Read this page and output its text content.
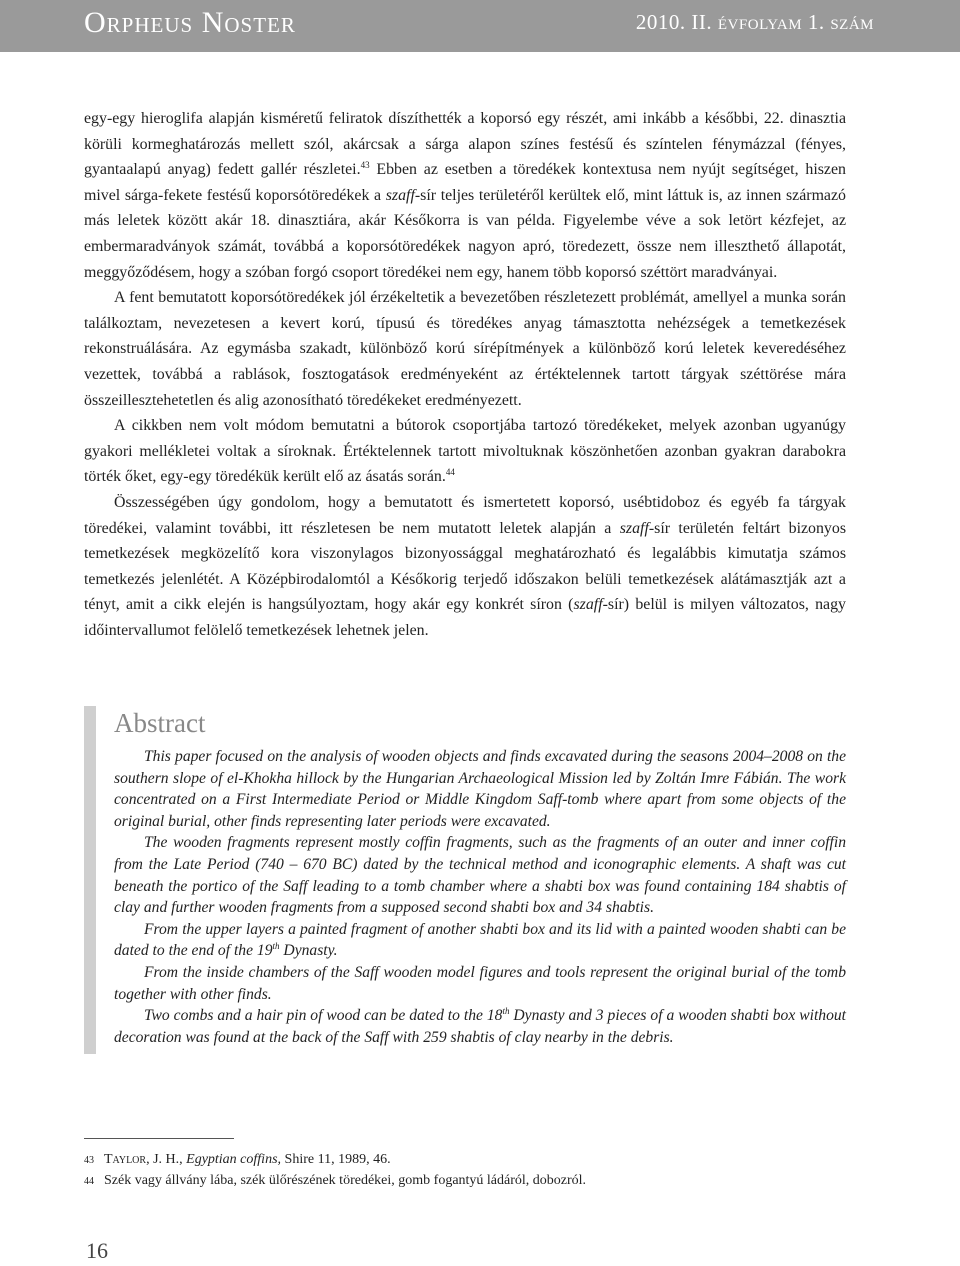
Orpheus Noster	2010. II. évfolyam 1. szám

egy-egy hieroglifa alapján kisméretű feliratok díszíthették a koporsó egy részét, ami inkább a későbbi, 22. dinasztia körüli kormeghatározás mellett szól, akárcsak a sárga alapon színes festésű és színtelen fénymázzal (fényes, gyantaalapú anyag) fedett gallér részletei.$^{43}$ Ebben az esetben a töredékek kontextusa nem nyújt segítséget, hiszen mivel sárga-fekete festésű koporsótöredékek a szaff-sír teljes területéről kerültek elő, mint láttuk is, az innen származó más leletek között akár 18. dinasztiára, akár Későkorra is van példa. Figyelembe véve a sok letört kézfejet, az embermaradványok számát, továbbá a koporsótöredékek nagyon apró, töredezett, össze nem illeszthető állapotát, meggyőződésem, hogy a szóban forgó csoport töredékei nem egy, hanem több koporsó széttört maradványai.

A fent bemutatott koporsótöredékek jól érzékeltetik a bevezetőben részletezett problémát, amellyel a munka során találkoztam, nevezetesen a kevert korú, típusú és töredékes anyag támasztotta nehézségek a temetkezések rekonstruálására. Az egymásba szakadt, különböző korú sírépítmények a különböző korú leletek keveredéséhez vezettek, továbbá a rablások, fosztogatások eredményeként az értéktelennek tartott tárgyak széttörése mára összeillesztehetetlen és alig azonosítható töredékeket eredményezett.

A cikkben nem volt módom bemutatni a bútorok csoportjába tartozó töredékeket, melyek azonban ugyanúgy gyakori mellékletei voltak a síroknak. Értéktelennek tartott mivoltuknak köszönhetően azonban gyakran darabokra törték őket, egy-egy töredékük került elő az ásatás során.$^{44}$

Összességében úgy gondolom, hogy a bemutatott és ismertetett koporsó, usébtidoboz és egyéb fa tárgyak töredékei, valamint további, itt részletesen be nem mutatott leletek alapján a szaff-sír területén feltárt bizonyos temetkezések megközelítő kora viszonylagos bizonyossággal meghatározható és legalábbis kimutatja számos temetkezés jelenlétét. A Középbirodalomtól a Későkorig terjedő időszakon belüli temetkezések alátámasztják azt a tényt, amit a cikk elején is hangsúlyoztam, hogy akár egy konkrét síron (szaff-sír) belül is milyen változatos, nagy időintervallumot felölelő temetkezések lehetnek jelen.

Abstract

This paper focused on the analysis of wooden objects and finds excavated during the seasons 2004–2008 on the southern slope of el-Khokha hillock by the Hungarian Archaeological Mission led by Zoltán Imre Fábián. The work concentrated on a First Intermediate Period or Middle Kingdom Saff-tomb where apart from some objects of the original burial, other finds representing later periods were excavated.

The wooden fragments represent mostly coffin fragments, such as the fragments of an outer and inner coffin from the Late Period (740 – 670 BC) dated by the technical method and iconographic elements. A shaft was cut beneath the portico of the Saff leading to a tomb chamber where a shabti box was found containing 184 shabtis of clay and further wooden fragments from a supposed second shabti box and 34 shabtis.

From the upper layers a painted fragment of another shabti box and its lid with a painted wooden shabti can be dated to the end of the 19th Dynasty.

From the inside chambers of the Saff wooden model figures and tools represent the original burial of the tomb together with other finds.

Two combs and a hair pin of wood can be dated to the 18th Dynasty and 3 pieces of a wooden shabti box without decoration was found at the back of the Saff with 259 shabtis of clay nearby in the debris.

43 Taylor, J. H., Egyptian coffins, Shire 11, 1989, 46.
44 Szék vagy állvány lába, szék ülőrészének töredékei, gomb fogantyú ládáról, dobozról.
16
